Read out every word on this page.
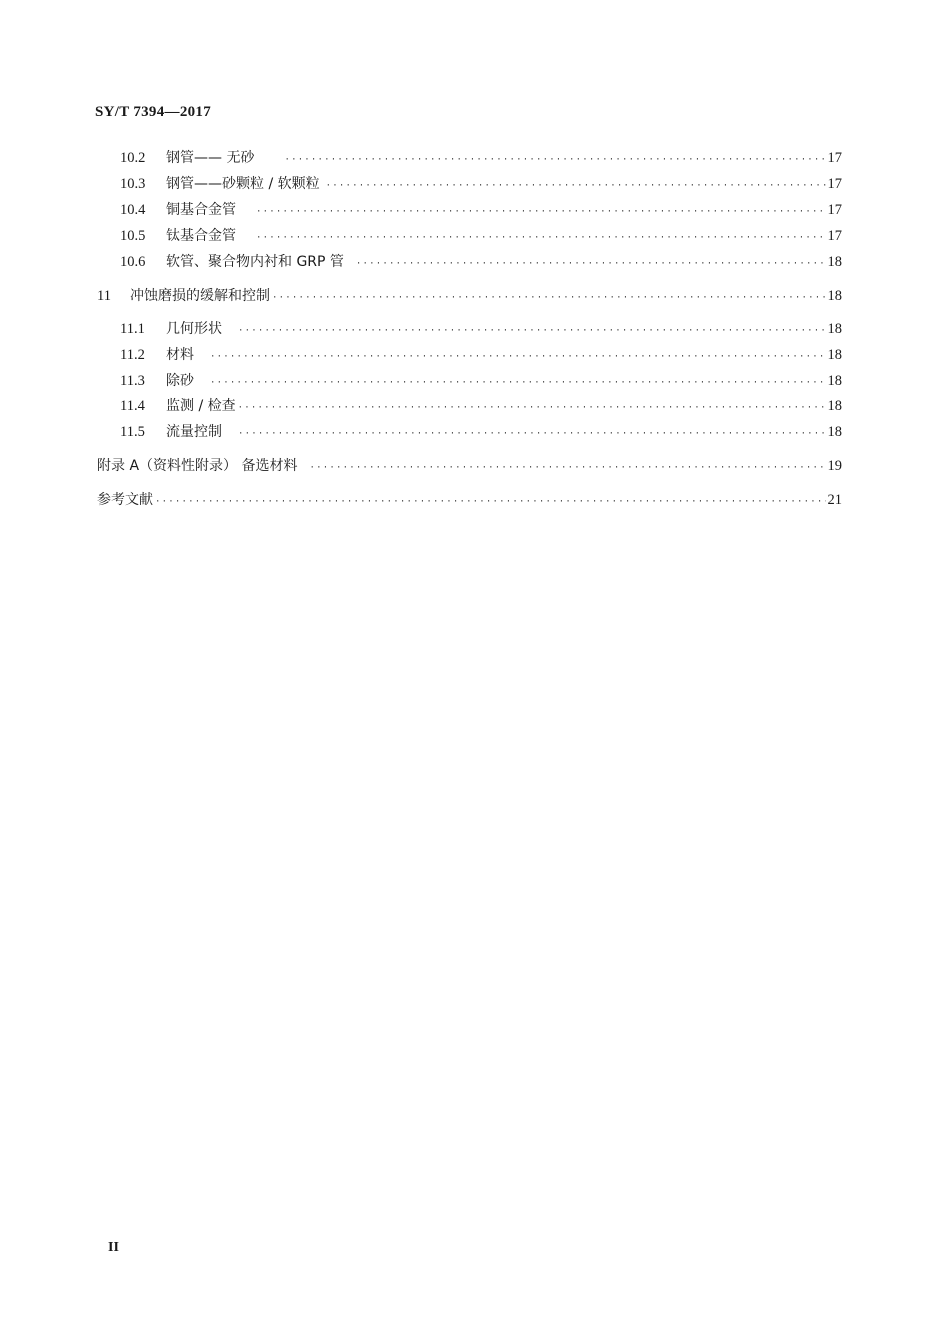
SY/T 7394—2017
10.2	钢管—— 无砂 ·····	17
10.3	钢管——砂颗粒 / 软颗粒 ·····	17
10.4	铜基合金管 ·····	17
10.5	钛基合金管 ·····	17
10.6	软管、聚合物内衬和 GRP 管 ·····	18
11	冲蚀磨损的缓解和控制 ·····	18
11.1	几何形状 ·····	18
11.2	材料 ·····	18
11.3	除砂 ·····	18
11.4	监测 / 检查 ·····	18
11.5	流量控制 ·····	18
附录 A （资料性附录） 备选材料 ·····	19
参考文献 ·····	21
II
